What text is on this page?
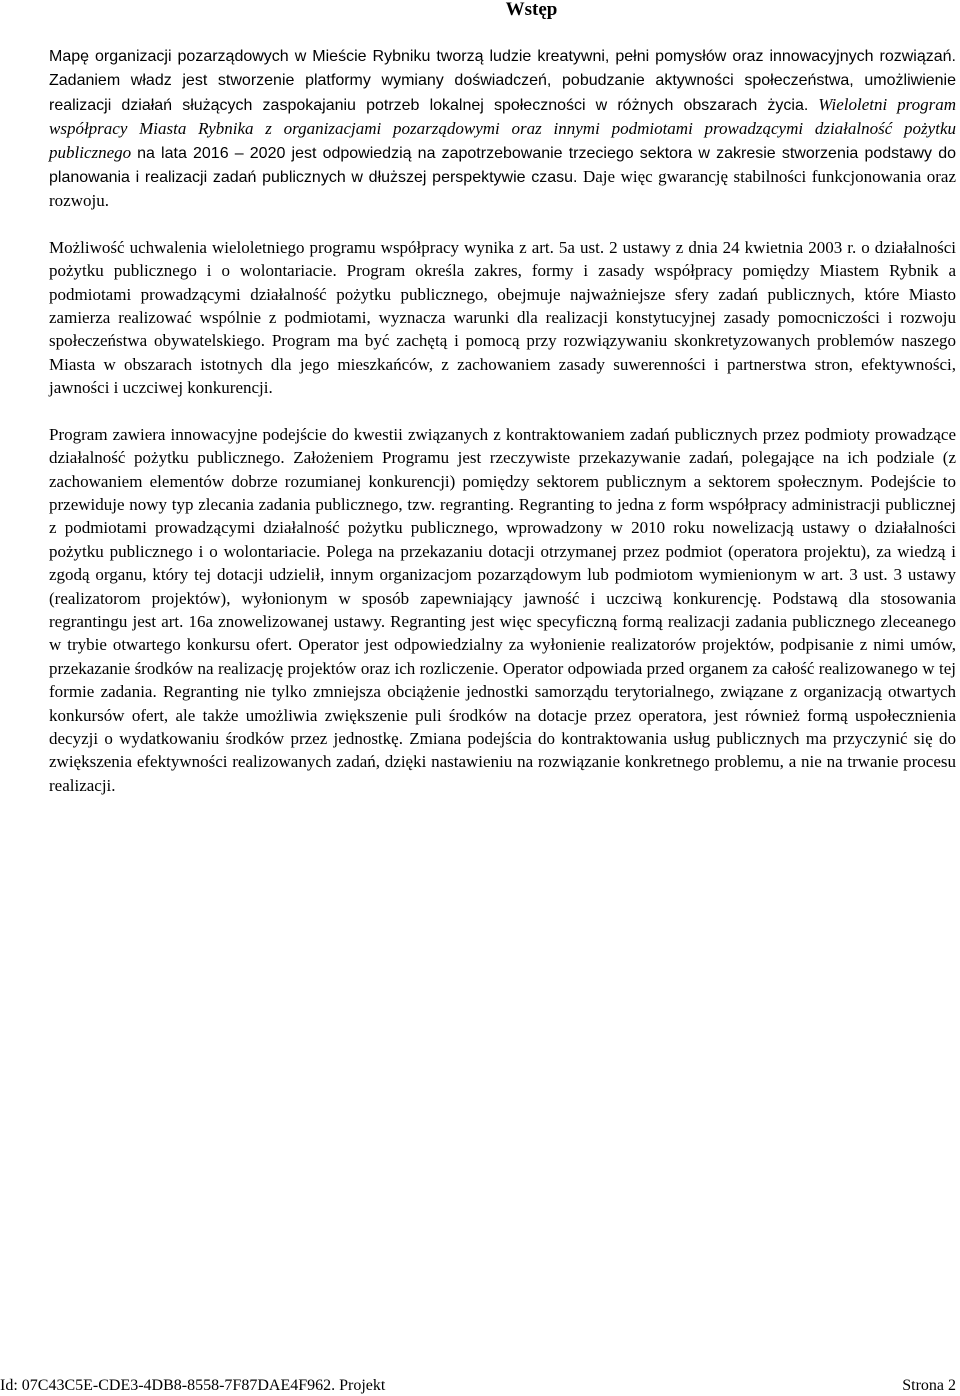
Wstęp

Mapę organizacji pozarządowych w Mieście Rybniku tworzą ludzie kreatywni, pełni pomysłów oraz innowacyjnych rozwiązań. Zadaniem władz jest stworzenie platformy wymiany doświadczeń, pobudzanie aktywności społeczeństwa, umożliwienie realizacji działań służących zaspokajaniu potrzeb lokalnej społeczności w różnych obszarach życia. Wieloletni program współpracy Miasta Rybnika z organizacjami pozarządowymi oraz innymi podmiotami prowadzącymi działalność pożytku publicznego na lata 2016 – 2020 jest odpowiedzią na zapotrzebowanie trzeciego sektora w zakresie stworzenia podstawy do planowania i realizacji zadań publicznych w dłuższej perspektywie czasu. Daje więc gwarancję stabilności funkcjonowania oraz rozwoju.

Możliwość uchwalenia wieloletniego programu współpracy wynika z art. 5a ust. 2 ustawy z dnia 24 kwietnia 2003 r. o działalności pożytku publicznego i o wolontariacie. Program określa zakres, formy i zasady współpracy pomiędzy Miastem Rybnik a podmiotami prowadzącymi działalność pożytku publicznego, obejmuje najważniejsze sfery zadań publicznych, które Miasto zamierza realizować wspólnie z podmiotami, wyznacza warunki dla realizacji konstytucyjnej zasady pomocniczości i rozwoju społeczeństwa obywatelskiego. Program ma być zachętą i pomocą przy rozwiązywaniu skonkretyzowanych problemów naszego Miasta w obszarach istotnych dla jego mieszkańców, z zachowaniem zasady suwerenności i partnerstwa stron, efektywności, jawności i uczciwej konkurencji.

Program zawiera innowacyjne podejście do kwestii związanych z kontraktowaniem zadań publicznych przez podmioty prowadzące działalność pożytku publicznego. Założeniem Programu jest rzeczywiste przekazywanie zadań, polegające na ich podziale (z zachowaniem elementów dobrze rozumianej konkurencji) pomiędzy sektorem publicznym a sektorem społecznym. Podejście to przewiduje nowy typ zlecania zadania publicznego, tzw. regranting. Regranting to jedna z form współpracy administracji publicznej z podmiotami prowadzącymi działalność pożytku publicznego, wprowadzony w 2010 roku nowelizacją ustawy o działalności pożytku publicznego i o wolontariacie. Polega na przekazaniu dotacji otrzymanej przez podmiot (operatora projektu), za wiedzą i zgodą organu, który tej dotacji udzielił, innym organizacjom pozarządowym lub podmiotom wymienionym w art. 3 ust. 3 ustawy (realizatorom projektów), wyłonionym w sposób zapewniający jawność i uczciwą konkurencję. Podstawą dla stosowania regrantingu jest art. 16a znowelizowanej ustawy. Regranting jest więc specyficzną formą realizacji zadania publicznego zleceanego w trybie otwartego konkursu ofert. Operator jest odpowiedzialny za wyłonienie realizatorów projektów, podpisanie z nimi umów, przekazanie środków na realizację projektów oraz ich rozliczenie. Operator odpowiada przed organem za całość realizowanego w tej formie zadania. Regranting nie tylko zmniejsza obciążenie jednostki samorządu terytorialnego, związane z organizacją otwartych konkursów ofert, ale także umożliwia zwiększenie puli środków na dotacje przez operatora, jest również formą uspołecznienia decyzji o wydatkowaniu środków przez jednostkę. Zmiana podejścia do kontraktowania usług publicznych ma przyczynić się do zwiększenia efektywności realizowanych zadań, dzięki nastawieniu na rozwiązanie konkretnego problemu, a nie na trwanie procesu realizacji.

Id: 07C43C5E-CDE3-4DB8-8558-7F87DAE4F962. Projekt	Strona 2
